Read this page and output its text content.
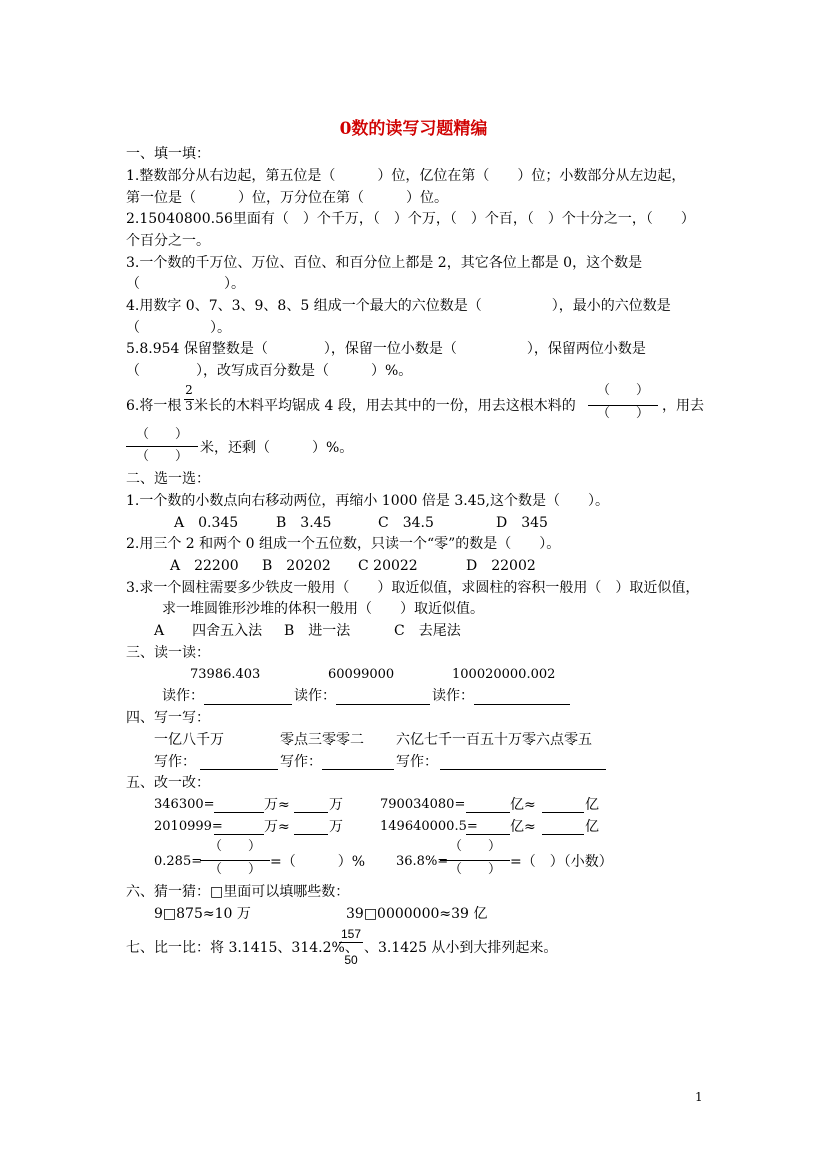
0数的读写习题精编
一、填一填：
1.整数部分从右边起，第五位是（　　　）位，亿位在第（　　）位；小数部分从左边起，
第一位是（　　　）位，万分位在第（　　　）位。
2.15040800.56里面有（　）个千万，（　）个万，（　）个百，（　）个十分之一，（　　）
个百分之一。
3.一个数的千万位、万位、百位、和百分位上都是 2，其它各位上都是 0，这个数是
（　　　　　　）。
4.用数字 0、7、3、9、8、5 组成一个最大的六位数是（　　　　　），最小的六位数是
（　　　　　）。
5.8.954 保留整数是（　　　　），保留一位小数是（　　　　　），保留两位小数是
（　　　　），改写成百分数是（　　　）%。
6.将一根
2
3 米长的木料平均锯成 4 段，用去其中的一份，用去这根木料的
（　　）
（　　） ，用去
（　　）
（　　）
米，还剩（　　　）%。
二、选一选：
1.一个数的小数点向右移动两位，再缩小 1000 倍是 3.45,这个数是（　　）。
A　0.345	B　3.45	C　34.5	D　345
2.用三个 2 和两个 0 组成一个五位数，只读一个“零”的数是（　　）。
A　22200 B　20202 C 20022	D　22002
3.求一个圆柱需要多少铁皮一般用（　　）取近似值，求圆柱的容积一般用（　）取近似值，
求一堆圆锥形沙堆的体积一般用（　　）取近似值。
A　　四舍五入法 B　进一法	C　去尾法
三、读一读：
73986.403	60099000	100020000.002
读作：	读作：	读作：
四、写一写：
一亿八千万	零点三零零二 六亿七千一百五十万零六点零五
写作：	写作：	写作：
五、改一改：
346300=	万≈	万	790034080=	亿≈	亿
2010999=	万≈	万	149640000.5= 亿≈	亿
0.285=
（　　）
（　　） =（　　　）% 36.8%=
（　　）
（　　） =（　）（小数）
六、猜一猜：□里面可以填哪些数：
9□875≈10 万	39□0000000≈39 亿
七、比一比：将 3.1415、314.2%、
157
50
、3.1425 从小到大排列起来。
1
